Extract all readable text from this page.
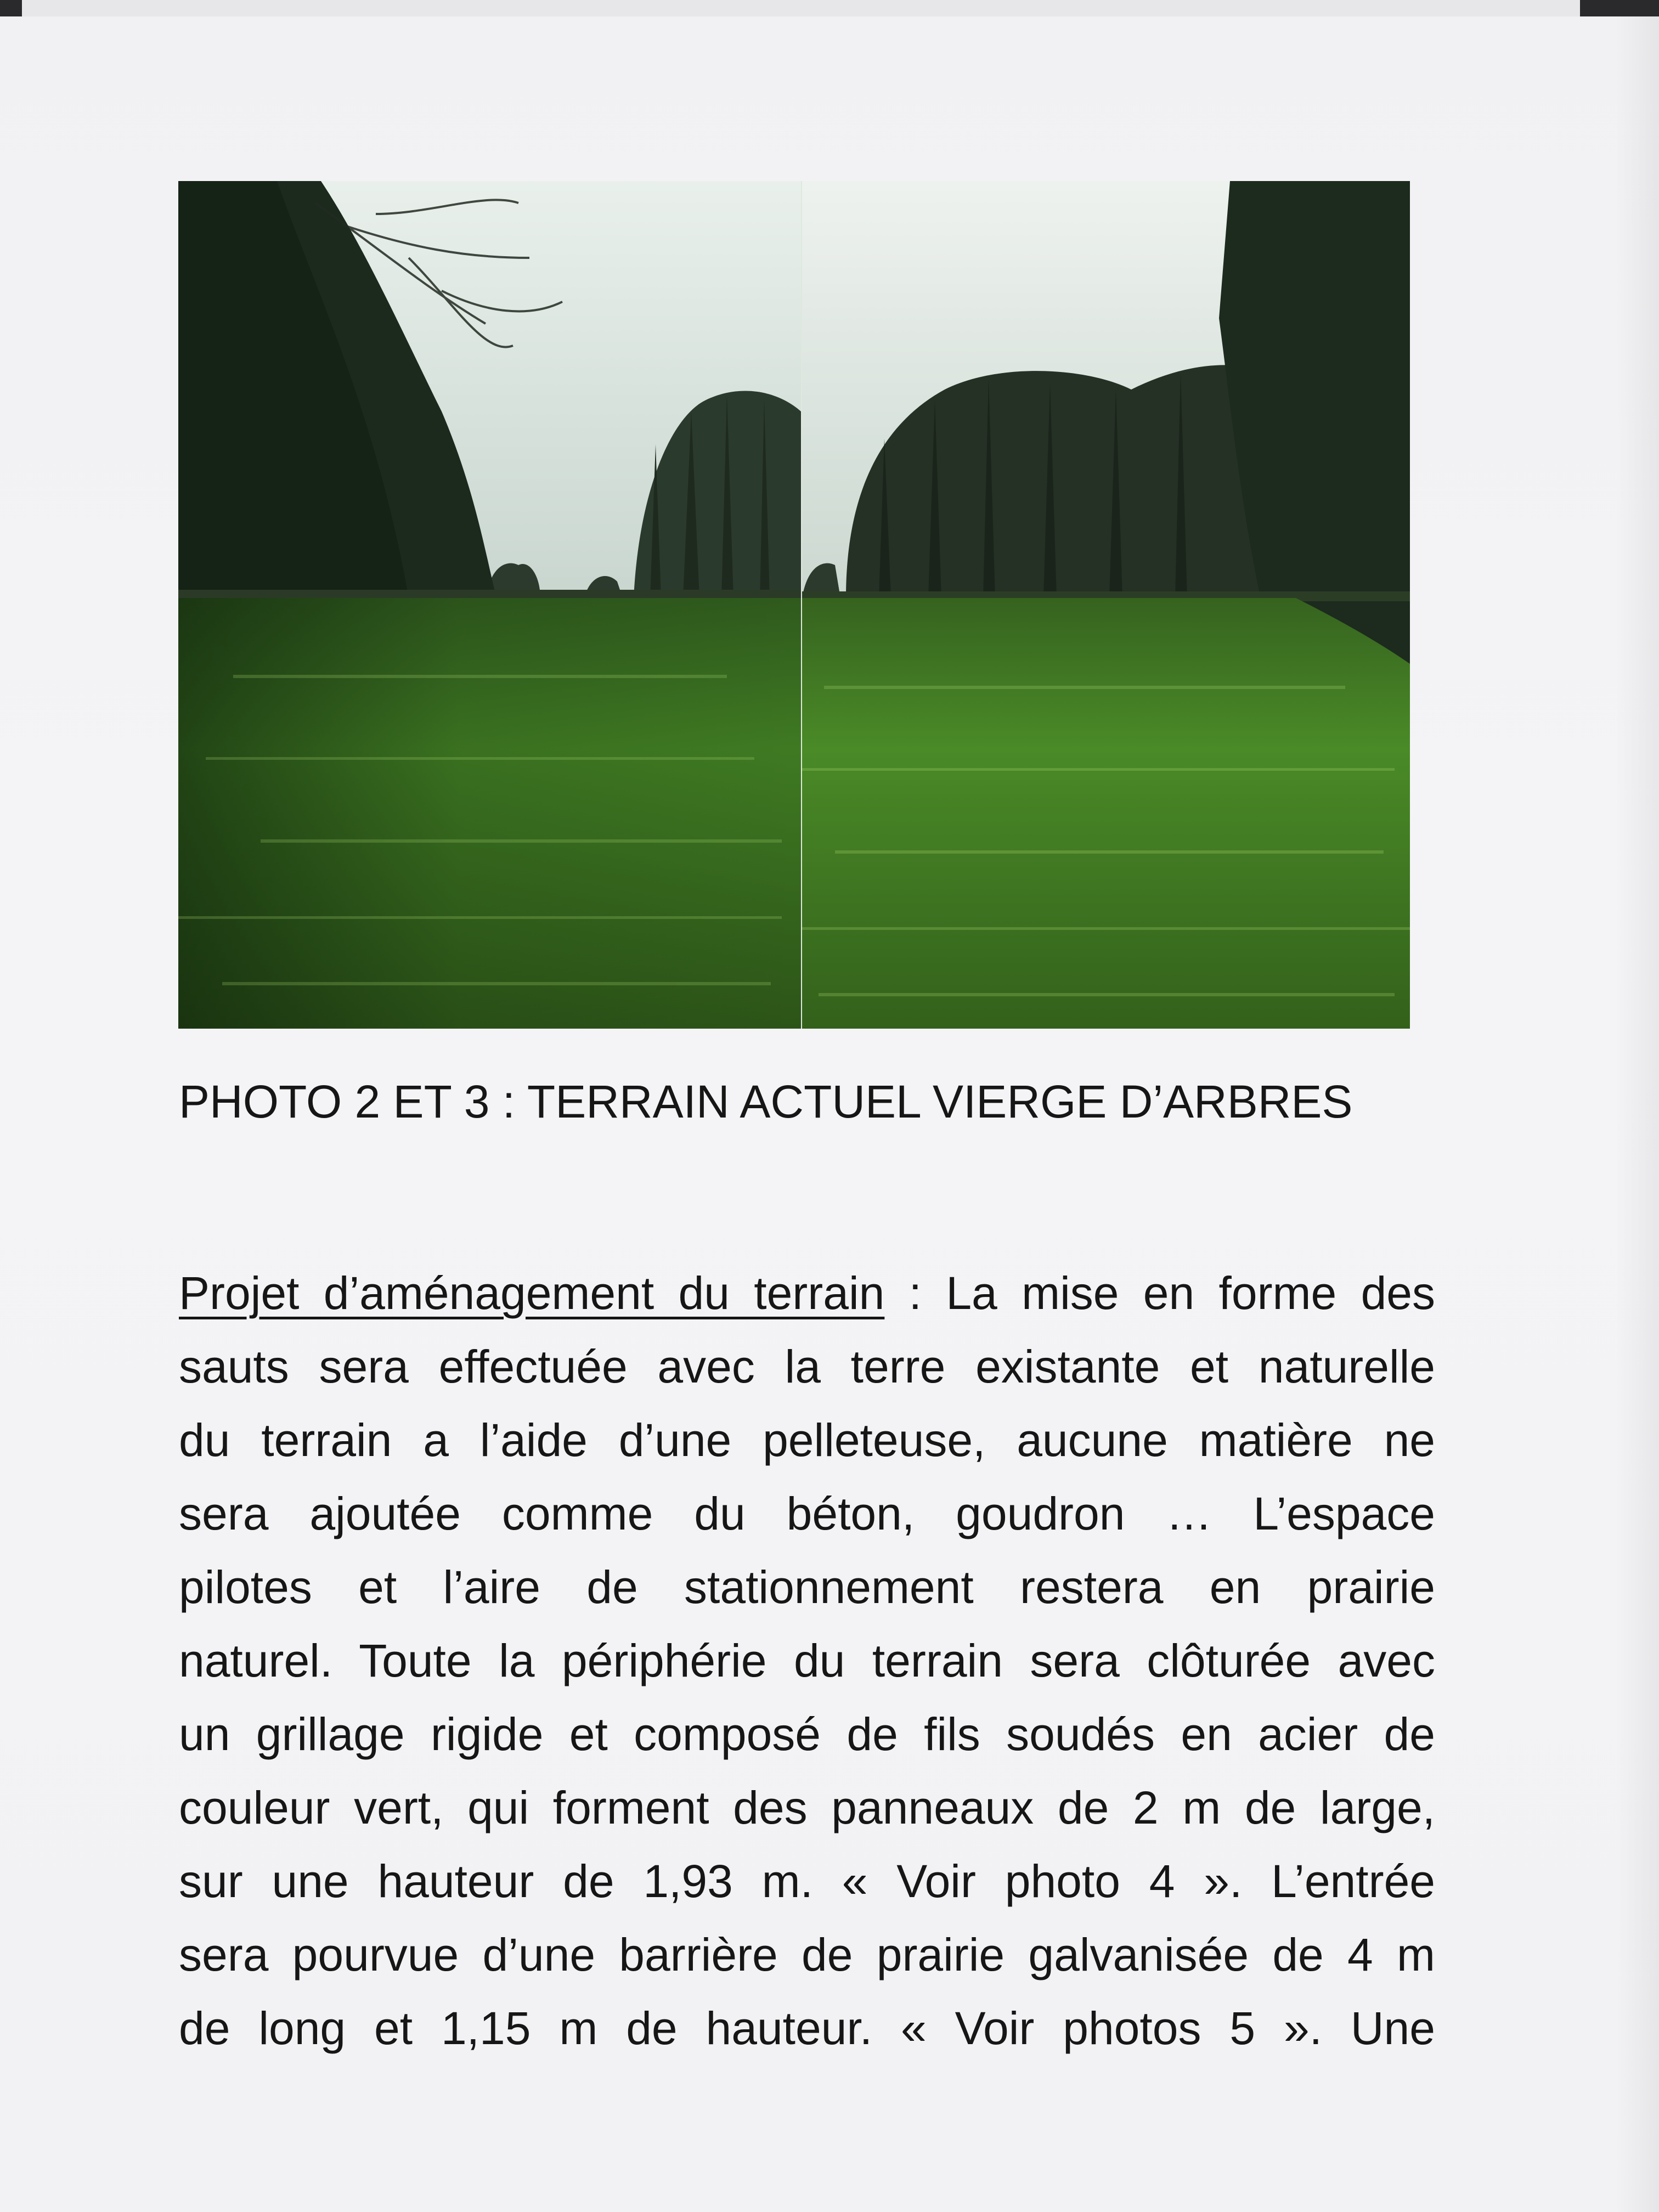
PHOTO 2 ET 3 : TERRAIN ACTUEL VIERGE D’ARBRES
Projet d’aménagement du terrain : La mise en forme des
sauts sera effectuée avec la terre existante et naturelle
du terrain a l’aide d’une pelleteuse, aucune matière ne
sera ajoutée comme du béton, goudron … L’espace
pilotes et l’aire de stationnement restera en prairie
naturel. Toute la périphérie du terrain sera clôturée avec
un grillage rigide et composé de fils soudés en acier de
couleur vert, qui forment des panneaux de 2 m de large,
sur une hauteur de 1,93 m. « Voir photo 4 ». L’entrée
sera pourvue d’une barrière de prairie galvanisée de 4 m
de long et 1,15 m de hauteur. « Voir photos 5 ». Une
